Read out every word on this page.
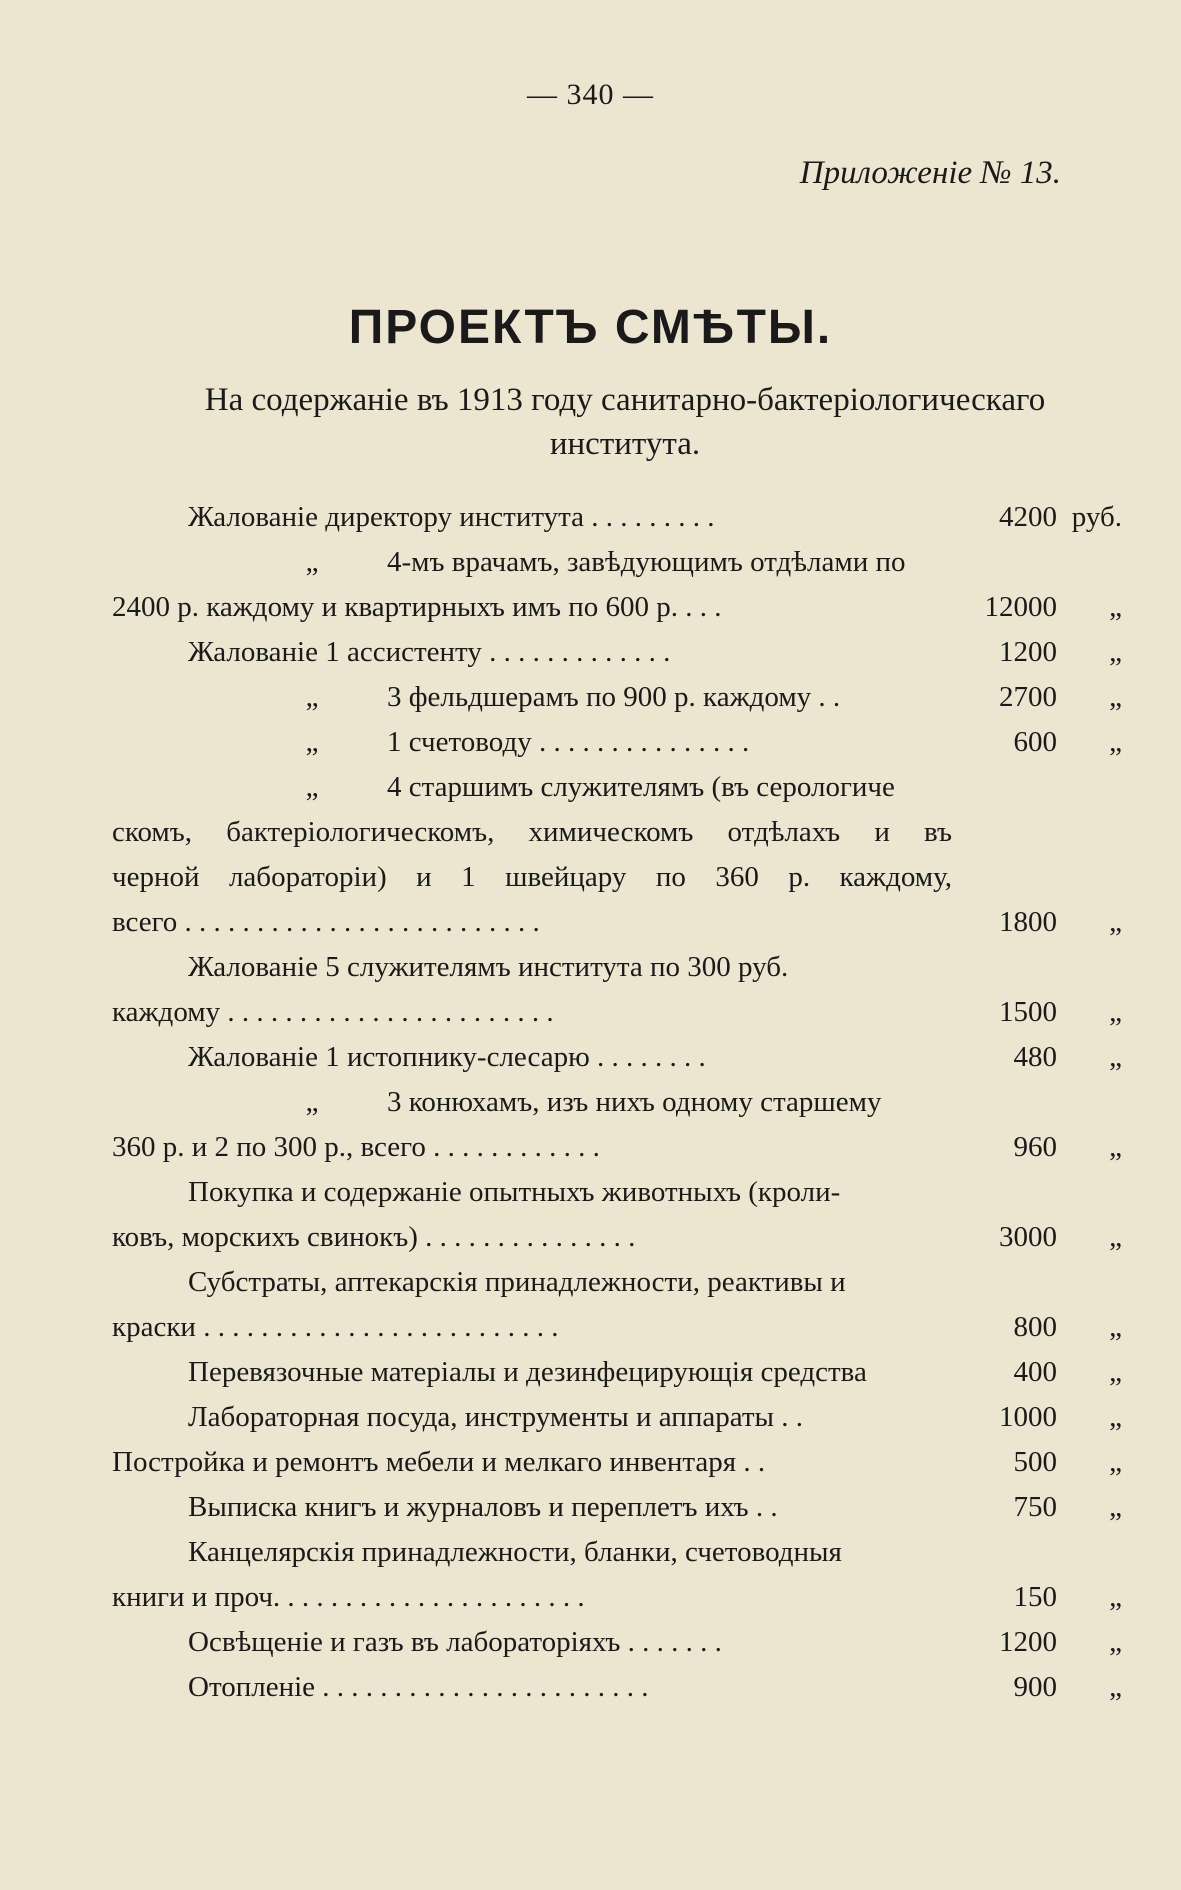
— 340 —
Приложеніе № 13.
ПРОЕКТЪ СМѢТЫ.
На содержаніе въ 1913 году санитарно-бактеріологическаго
института.
Жалованіе директору института . . . . . . . . .	4200 руб.
„ 4-мъ врачамъ, завѣдующимъ отдѣлами по
2400 р. каждому и квартирныхъ имъ по 600 р. . . .	12000	„
Жалованіе 1 ассистенту . . . . . . . . . . . . .	1200	„
„ 3 фельдшерамъ по 900 р. каждому . .	2700	„
„ 1 счетоводу . . . . . . . . . . . . . . .	600	„
„ 4 старшимъ служителямъ (въ серологиче
скомъ, бактеріологическомъ, химическомъ отдѣлахъ и въ
черной лабораторіи) и 1 швейцару по 360 р. каждому,
всего . . . . . . . . . . . . . . . . . . . . . . . . .	1800	„
Жалованіе 5 служителямъ института по 300 руб.
каждому . . . . . . . . . . . . . . . . . . . . . . .	1500	„
Жалованіе 1 истопнику-слесарю . . . . . . . .	480	„
„ 3 конюхамъ, изъ нихъ одному старшему
360 р. и 2 по 300 р., всего . . . . . . . . . . . .	960	„
Покупка и содержаніе опытныхъ животныхъ (кроли-
ковъ, морскихъ свинокъ) . . . . . . . . . . . . . . .	3000	„
Субстраты, аптекарскія принадлежности, реактивы и
краски . . . . . . . . . . . . . . . . . . . . . . . . .	800	„
Перевязочные матеріалы и дезинфецирующія средства	400	„
Лабораторная посуда, инструменты и аппараты . .	1000	„
Постройка и ремонтъ мебели и мелкаго инвентаря . .	500	„
Выписка книгъ и журналовъ и переплетъ ихъ . .	750	„
Канцелярскія принадлежности, бланки, счетоводныя
книги и проч. . . . . . . . . . . . . . . . . . . . . .	150	„
Освѣщеніе и газъ въ лабораторіяхъ . . . . . . .	1200	„
Отопленіе . . . . . . . . . . . . . . . . . . . . . . .	900	„
